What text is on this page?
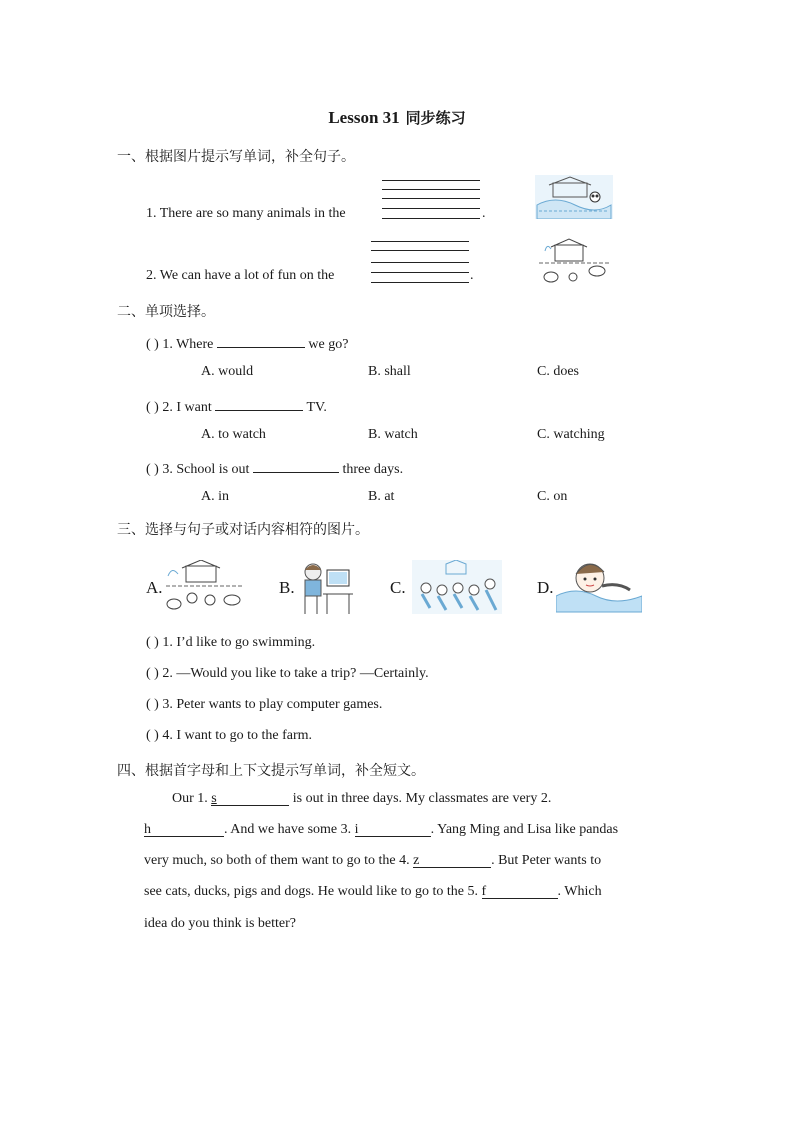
Lesson 31 同步练习
一、根据图片提示写单词，补全句子。
1. There are so many animals in the	.
2. We can have a lot of fun on the	.
二、单项选择。
( ) 1. Where	we go?
A. would	B. shall	C. does
( ) 2. I want	TV.
A. to watch	B. watch	C. watching
( ) 3. School is out	three days.
A. in	B. at	C. on
三、选择与句子或对话内容相符的图片。
A.	B.	C.	D.
( ) 1. I’d like to go swimming.
( ) 2. —Would you like to take a trip? —Certainly.
( ) 3. Peter wants to play computer games.
( ) 4. I want to go to the farm.
四、根据首字母和上下文提示写单词，补全短文。
Our 1. s	is out in three days. My classmates are very 2.
h	. And we have some 3. i	. Yang Ming and Lisa like pandas
very much, so both of them want to go to the 4. z	. But Peter wants to
see cats, ducks, pigs and dogs. He would like to go to the 5. f	. Which
idea do you think is better?
